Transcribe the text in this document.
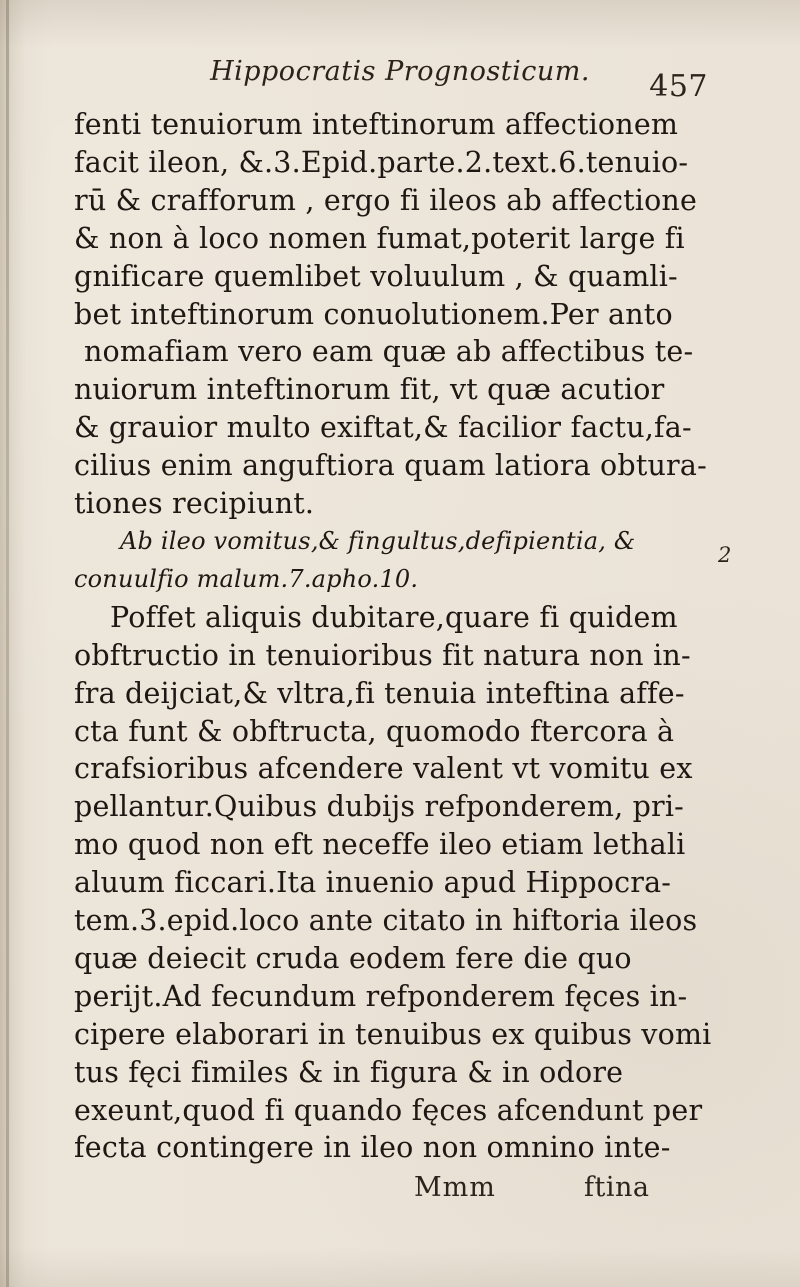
Hippocratis Prognosticum.	457
fenti tenuiorum inteftinorum affectionem
facit ileon, &.3.Epid.parte.2.text.6.tenuio-
rū & crafforum , ergo fi ileos ab affectione
& non à loco nomen fumat,poterit large fi
gnificare quemlibet voluulum , & quamli-
bet inteftinorum conuolutionem.Per anto
nomafiam vero eam quæ ab affectibus te-
nuiorum inteftinorum fit, vt quæ acutior
& grauior multo exiftat,& facilior factu,fa-
cilius enim anguftiora quam latiora obtura-
tiones recipiunt.
Ab ileo vomitus,& fingultus,defipientia, &
conuulfio malum.7.apho.10.
Poffet aliquis dubitare,quare fi quidem
obftructio in tenuioribus fit natura non in-
fra deijciat,& vltra,fi tenuia inteftina affe-
cta funt & obftructa, quomodo ftercora à
crafsioribus afcendere valent vt vomitu ex
pellantur.Quibus dubijs refponderem, pri-
mo quod non eft neceffe ileo etiam lethali
aluum ficcari.Ita inuenio apud Hippocra-
tem.3.epid.loco ante citato in hiftoria ileos
quæ deiecit cruda eodem fere die quo
perijt.Ad fecundum refponderem fęces in-
cipere elaborari in tenuibus ex quibus vomi
tus fęci fimiles & in figura & in odore
exeunt,quod fi quando fęces afcendunt per
fecta contingere in ileo non omnino inte-
2
Mmm	ftina
